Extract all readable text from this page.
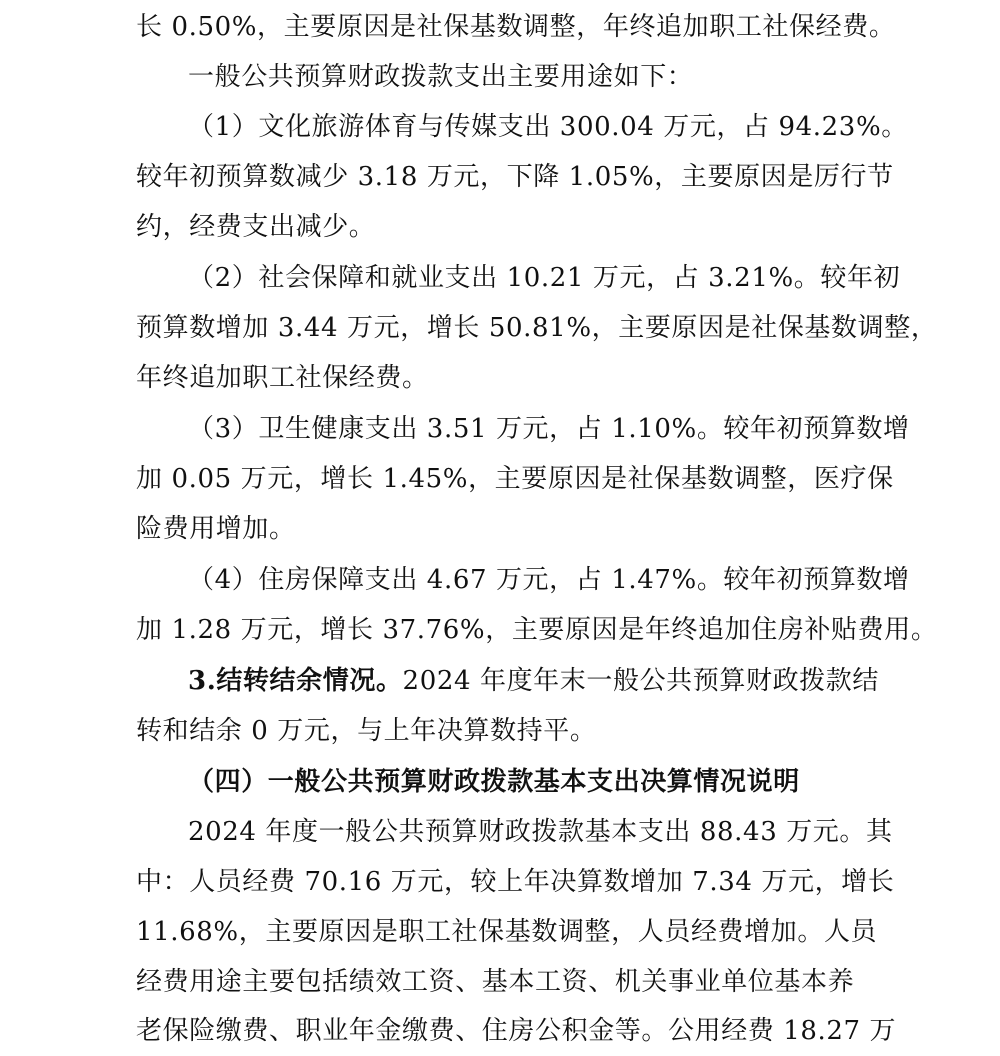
长 0.50%，主要原因是社保基数调整，年终追加职工社保经费。
一般公共预算财政拨款支出主要用途如下：
（1）文化旅游体育与传媒支出 300.04 万元，占 94.23%。
较年初预算数减少 3.18 万元，下降 1.05%，主要原因是厉行节
约，经费支出减少。
（2）社会保障和就业支出 10.21 万元，占 3.21%。较年初
预算数增加 3.44 万元，增长 50.81%，主要原因是社保基数调整，
年终追加职工社保经费。
（3）卫生健康支出 3.51 万元，占 1.10%。较年初预算数增
加 0.05 万元，增长 1.45%，主要原因是社保基数调整，医疗保
险费用增加。
（4）住房保障支出 4.67 万元，占 1.47%。较年初预算数增
加 1.28 万元，增长 37.76%，主要原因是年终追加住房补贴费用。
3.结转结余情况。2024 年度年末一般公共预算财政拨款结
转和结余 0 万元，与上年决算数持平。
（四）一般公共预算财政拨款基本支出决算情况说明
2024 年度一般公共预算财政拨款基本支出 88.43 万元。其
中：人员经费 70.16 万元，较上年决算数增加 7.34 万元，增长
11.68%，主要原因是职工社保基数调整，人员经费增加。人员
经费用途主要包括绩效工资、基本工资、机关事业单位基本养
老保险缴费、职业年金缴费、住房公积金等。公用经费 18.27 万
